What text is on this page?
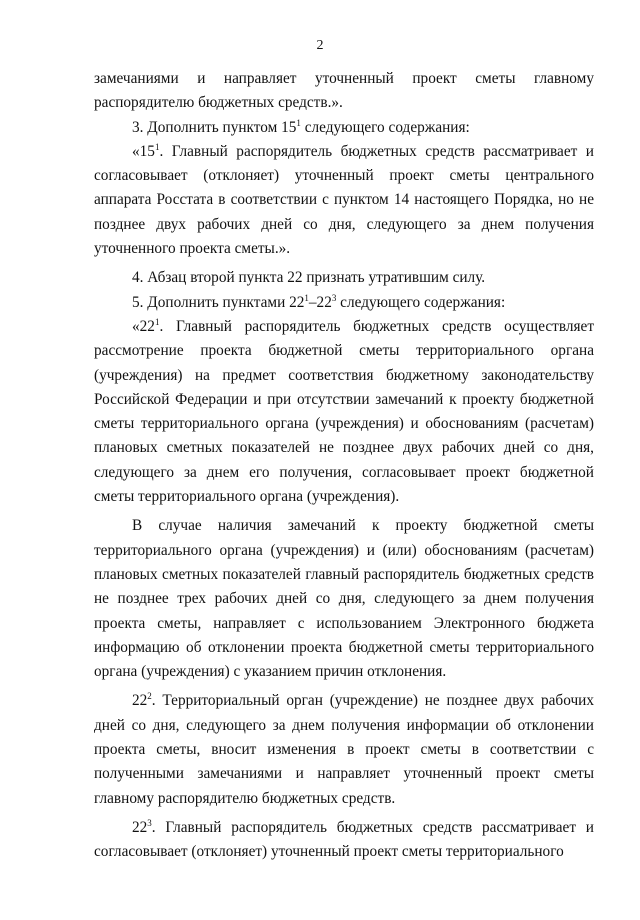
2

замечаниями и направляет уточненный проект сметы главному распорядителю бюджетных средств.».

3. Дополнить пунктом $15^1$ следующего содержания:

«$15^1$. Главный распорядитель бюджетных средств рассматривает и согласовывает (отклоняет) уточненный проект сметы центрального аппарата Росстата в соответствии с пунктом 14 настоящего Порядка, но не позднее двух рабочих дней со дня, следующего за днем получения уточненного проекта сметы.».

4. Абзац второй пункта 22 признать утратившим силу.

5. Дополнить пунктами $22^1-22^3$ следующего содержания:

«$22^1$. Главный распорядитель бюджетных средств осуществляет рассмотрение проекта бюджетной сметы территориального органа (учреждения) на предмет соответствия бюджетному законодательству Российской Федерации и при отсутствии замечаний к проекту бюджетной сметы территориального органа (учреждения) и обоснованиям (расчетам) плановых сметных показателей не позднее двух рабочих дней со дня, следующего за днем его получения, согласовывает проект бюджетной сметы территориального органа (учреждения).

В случае наличия замечаний к проекту бюджетной сметы территориального органа (учреждения) и (или) обоснованиям (расчетам) плановых сметных показателей главный распорядитель бюджетных средств не позднее трех рабочих дней со дня, следующего за днем получения проекта сметы, направляет с использованием Электронного бюджета информацию об отклонении проекта бюджетной сметы территориального органа (учреждения) с указанием причин отклонения.

$22^2$. Территориальный орган (учреждение) не позднее двух рабочих дней со дня, следующего за днем получения информации об отклонении проекта сметы, вносит изменения в проект сметы в соответствии с полученными замечаниями и направляет уточненный проект сметы главному распорядителю бюджетных средств.

$22^3$. Главный распорядитель бюджетных средств рассматривает и согласовывает (отклоняет) уточненный проект сметы территориального
